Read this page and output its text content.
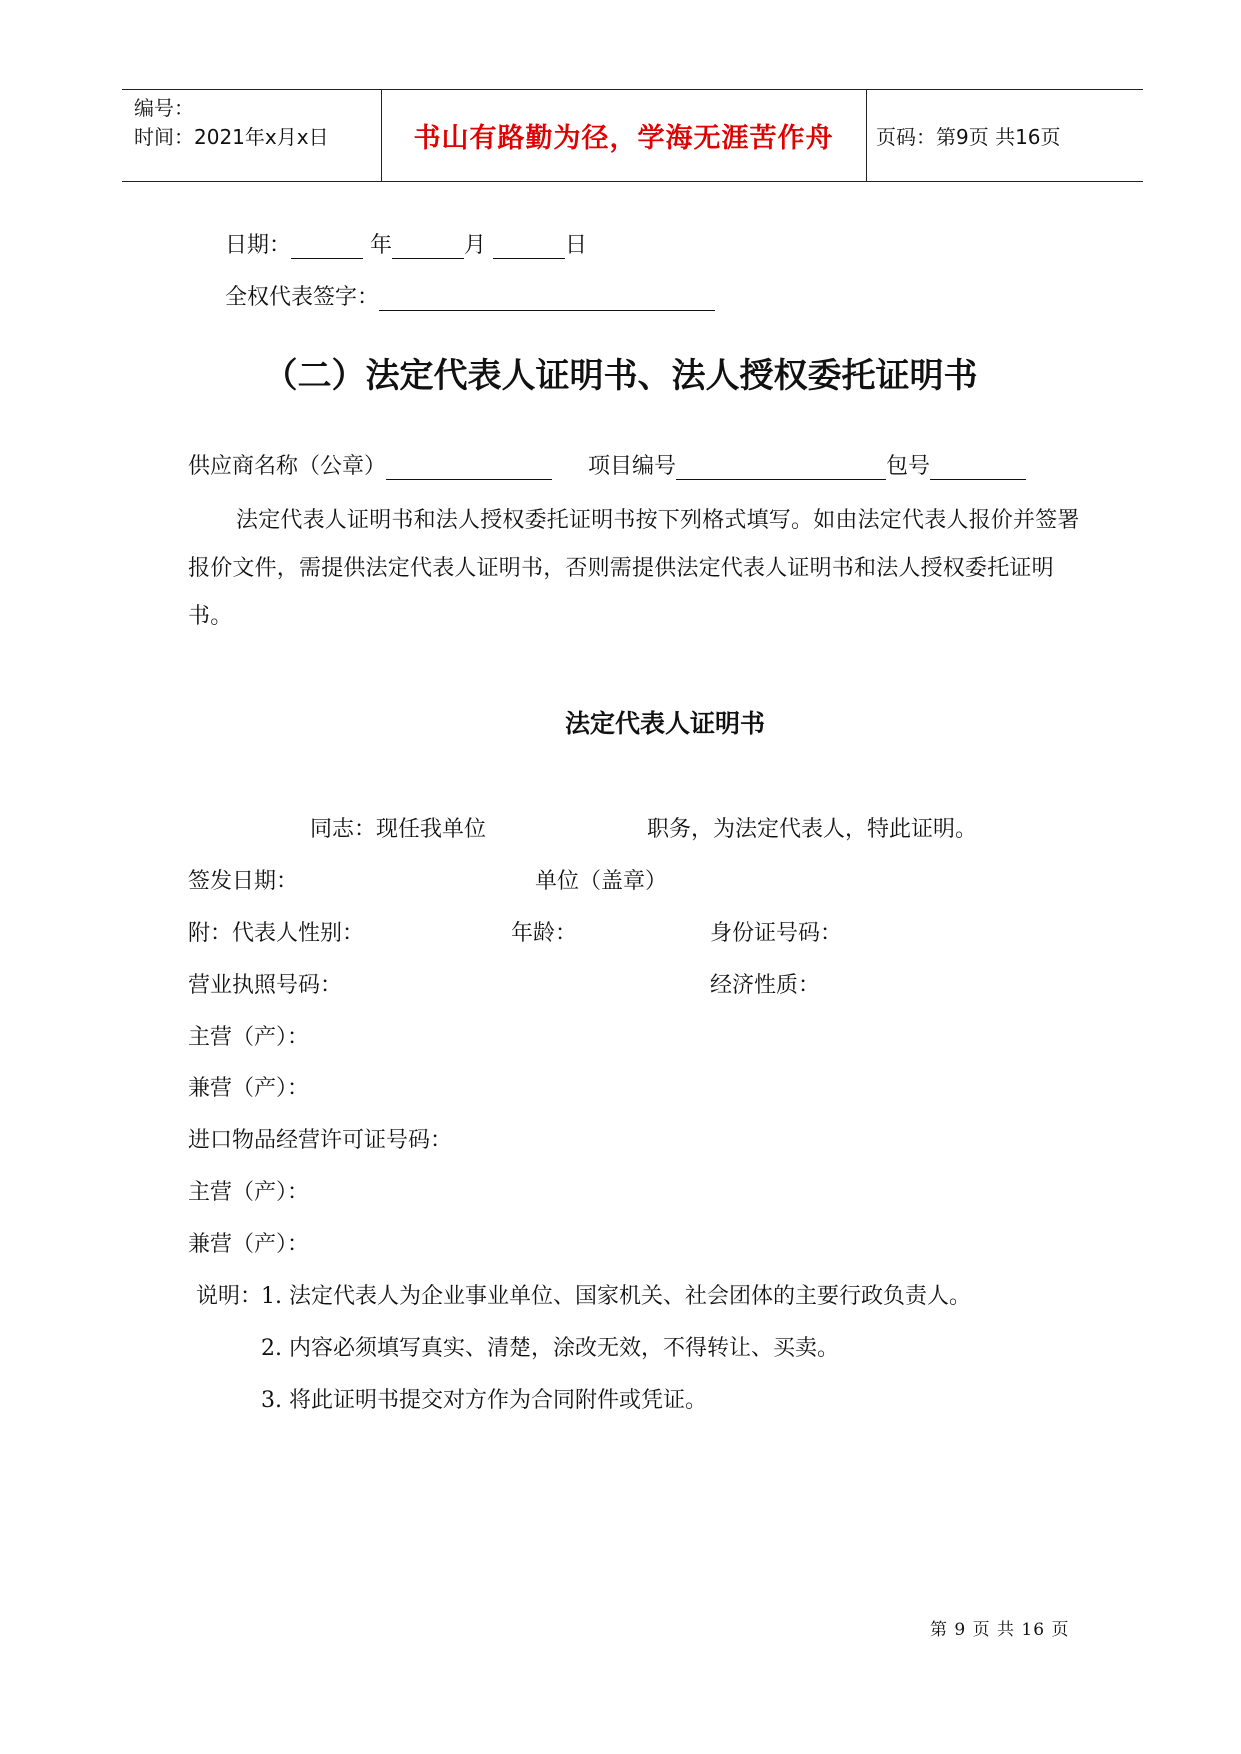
编号：
时间：2021年x月x日	书山有路勤为径，学海无涯苦作舟	页码：第9页 共16页
日期：	年	月	日
全权代表签字：
（二）法定代表人证明书、法人授权委托证明书
供应商名称（公章）	项目编号	包号
法定代表人证明书和法人授权委托证明书按下列格式填写。如由法定代表人报价并签署报价文件，需提供法定代表人证明书，否则需提供法定代表人证明书和法人授权委托证明书。
法定代表人证明书
同志：现任我单位	职务，为法定代表人，特此证明。
签发日期：	单位（盖章）
附：代表人性别：	年龄：	身份证号码：
营业执照号码：	经济性质：
主营（产）：
兼营（产）：
进口物品经营许可证号码：
主营（产）：
兼营（产）：
说明：
1. 法定代表人为企业事业单位、国家机关、社会团体的主要行政负责人。
2. 内容必须填写真实、清楚，涂改无效，不得转让、买卖。
3. 将此证明书提交对方作为合同附件或凭证。
第 9 页 共 16 页
